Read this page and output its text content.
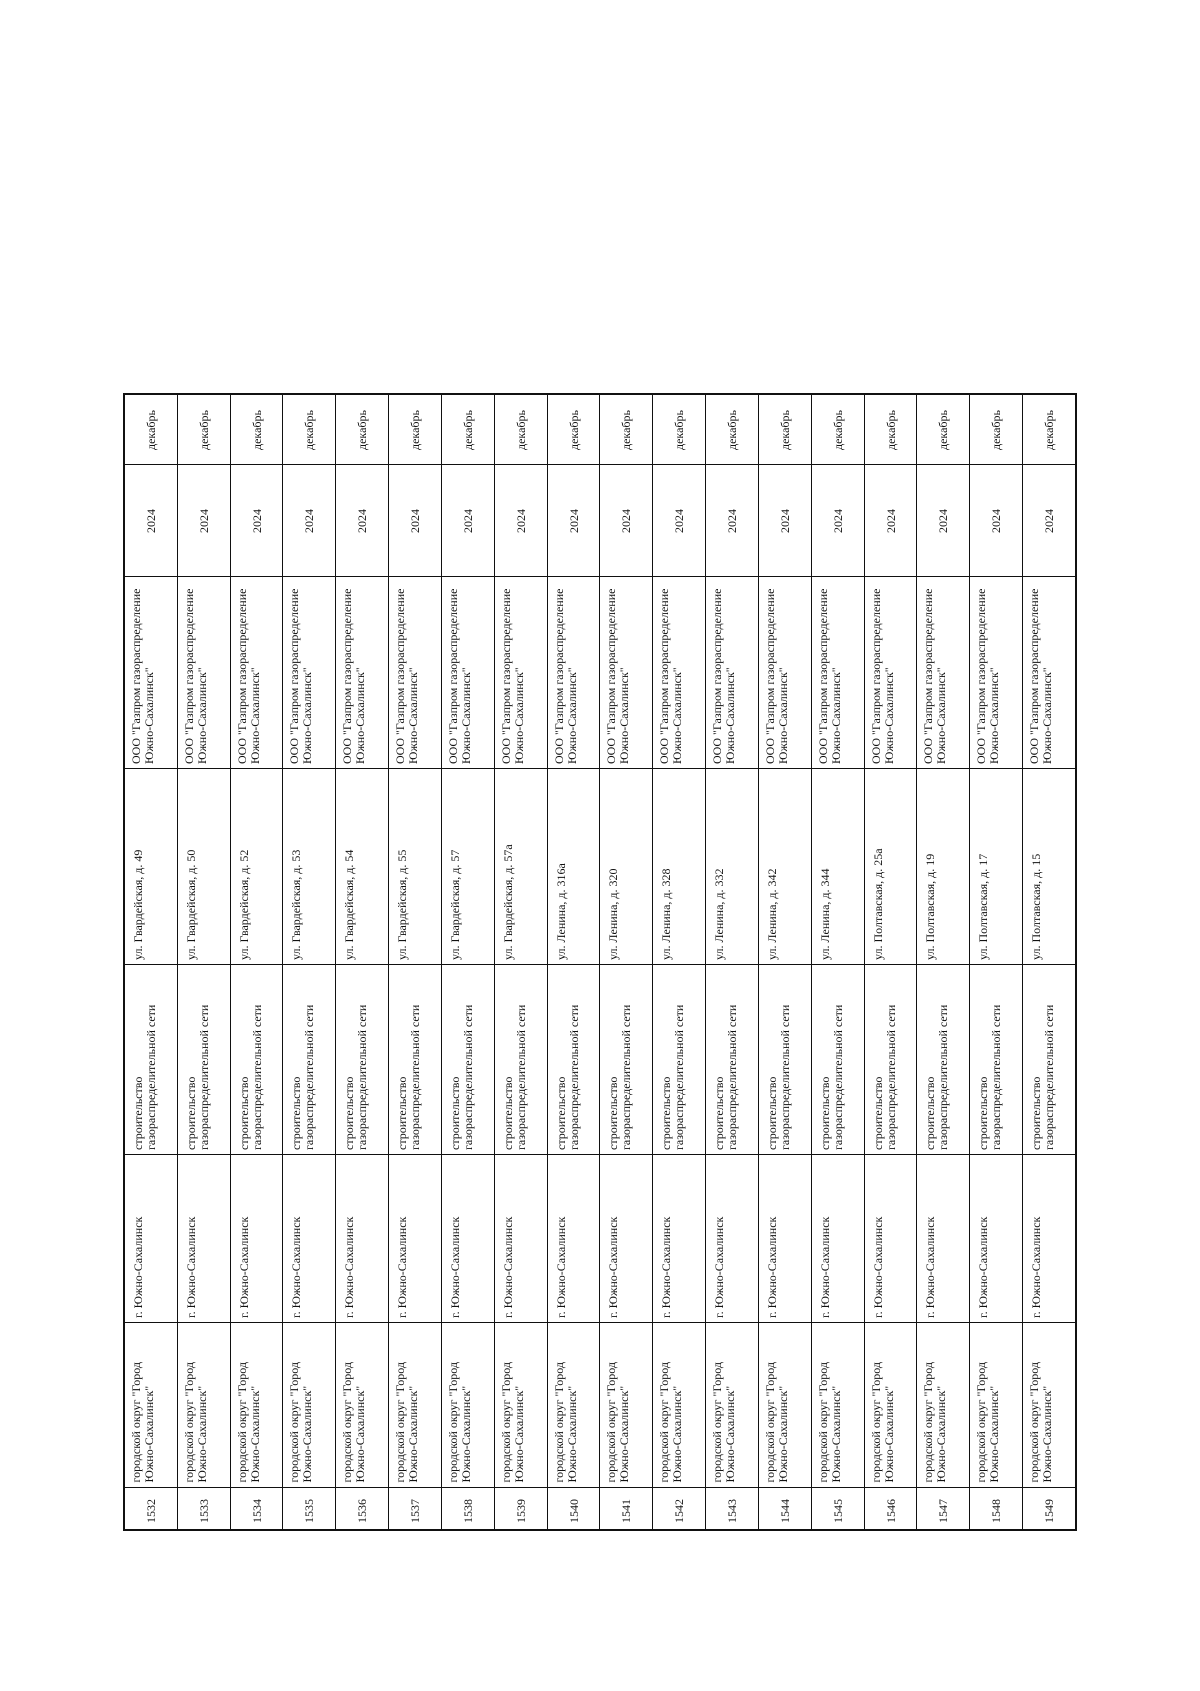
декабрь
2024
ООО "Газпром газораспределение Южно-Сахалинск"
ул. Гвардейская, д. 49
строительство газораспределительной сети
г. Южно-Сахалинск
городской округ "Город Южно-Сахалинск"
1532
декабрь
2024
ООО "Газпром газораспределение Южно-Сахалинск"
ул. Гвардейская, д. 50
строительство газораспределительной сети
г. Южно-Сахалинск
городской округ "Город Южно-Сахалинск"
1533
декабрь
2024
ООО "Газпром газораспределение Южно-Сахалинск"
ул. Гвардейская, д. 52
строительство газораспределительной сети
г. Южно-Сахалинск
городской округ "Город Южно-Сахалинск"
1534
декабрь
2024
ООО "Газпром газораспределение Южно-Сахалинск"
ул. Гвардейская, д. 53
строительство газораспределительной сети
г. Южно-Сахалинск
городской округ "Город Южно-Сахалинск"
1535
декабрь
2024
ООО "Газпром газораспределение Южно-Сахалинск"
ул. Гвардейская, д. 54
строительство газораспределительной сети
г. Южно-Сахалинск
городской округ "Город Южно-Сахалинск"
1536
декабрь
2024
ООО "Газпром газораспределение Южно-Сахалинск"
ул. Гвардейская, д. 55
строительство газораспределительной сети
г. Южно-Сахалинск
городской округ "Город Южно-Сахалинск"
1537
декабрь
2024
ООО "Газпром газораспределение Южно-Сахалинск"
ул. Гвардейская, д. 57
строительство газораспределительной сети
г. Южно-Сахалинск
городской округ "Город Южно-Сахалинск"
1538
декабрь
2024
ООО "Газпром газораспределение Южно-Сахалинск"
ул. Гвардейская, д. 57а
строительство газораспределительной сети
г. Южно-Сахалинск
городской округ "Город Южно-Сахалинск"
1539
декабрь
2024
ООО "Газпром газораспределение Южно-Сахалинск"
ул. Ленина, д. 316а
строительство газораспределительной сети
г. Южно-Сахалинск
городской округ "Город Южно-Сахалинск"
1540
декабрь
2024
ООО "Газпром газораспределение Южно-Сахалинск"
ул. Ленина, д. 320
строительство газораспределительной сети
г. Южно-Сахалинск
городской округ "Город Южно-Сахалинск"
1541
декабрь
2024
ООО "Газпром газораспределение Южно-Сахалинск"
ул. Ленина, д. 328
строительство газораспределительной сети
г. Южно-Сахалинск
городской округ "Город Южно-Сахалинск"
1542
декабрь
2024
ООО "Газпром газораспределение Южно-Сахалинск"
ул. Ленина, д. 332
строительство газораспределительной сети
г. Южно-Сахалинск
городской округ "Город Южно-Сахалинск"
1543
декабрь
2024
ООО "Газпром газораспределение Южно-Сахалинск"
ул. Ленина, д. 342
строительство газораспределительной сети
г. Южно-Сахалинск
городской округ "Город Южно-Сахалинск"
1544
декабрь
2024
ООО "Газпром газораспределение Южно-Сахалинск"
ул. Ленина, д. 344
строительство газораспределительной сети
г. Южно-Сахалинск
городской округ "Город Южно-Сахалинск"
1545
декабрь
2024
ООО "Газпром газораспределение Южно-Сахалинск"
ул. Полтавская, д. 25а
строительство газораспределительной сети
г. Южно-Сахалинск
городской округ "Город Южно-Сахалинск"
1546
декабрь
2024
ООО "Газпром газораспределение Южно-Сахалинск"
ул. Полтавская, д. 19
строительство газораспределительной сети
г. Южно-Сахалинск
городской округ "Город Южно-Сахалинск"
1547
декабрь
2024
ООО "Газпром газораспределение Южно-Сахалинск"
ул. Полтавская, д. 17
строительство газораспределительной сети
г. Южно-Сахалинск
городской округ "Город Южно-Сахалинск"
1548
декабрь
2024
ООО "Газпром газораспределение Южно-Сахалинск"
ул. Полтавская, д. 15
строительство газораспределительной сети
г. Южно-Сахалинск
городской округ "Город Южно-Сахалинск"
1549
